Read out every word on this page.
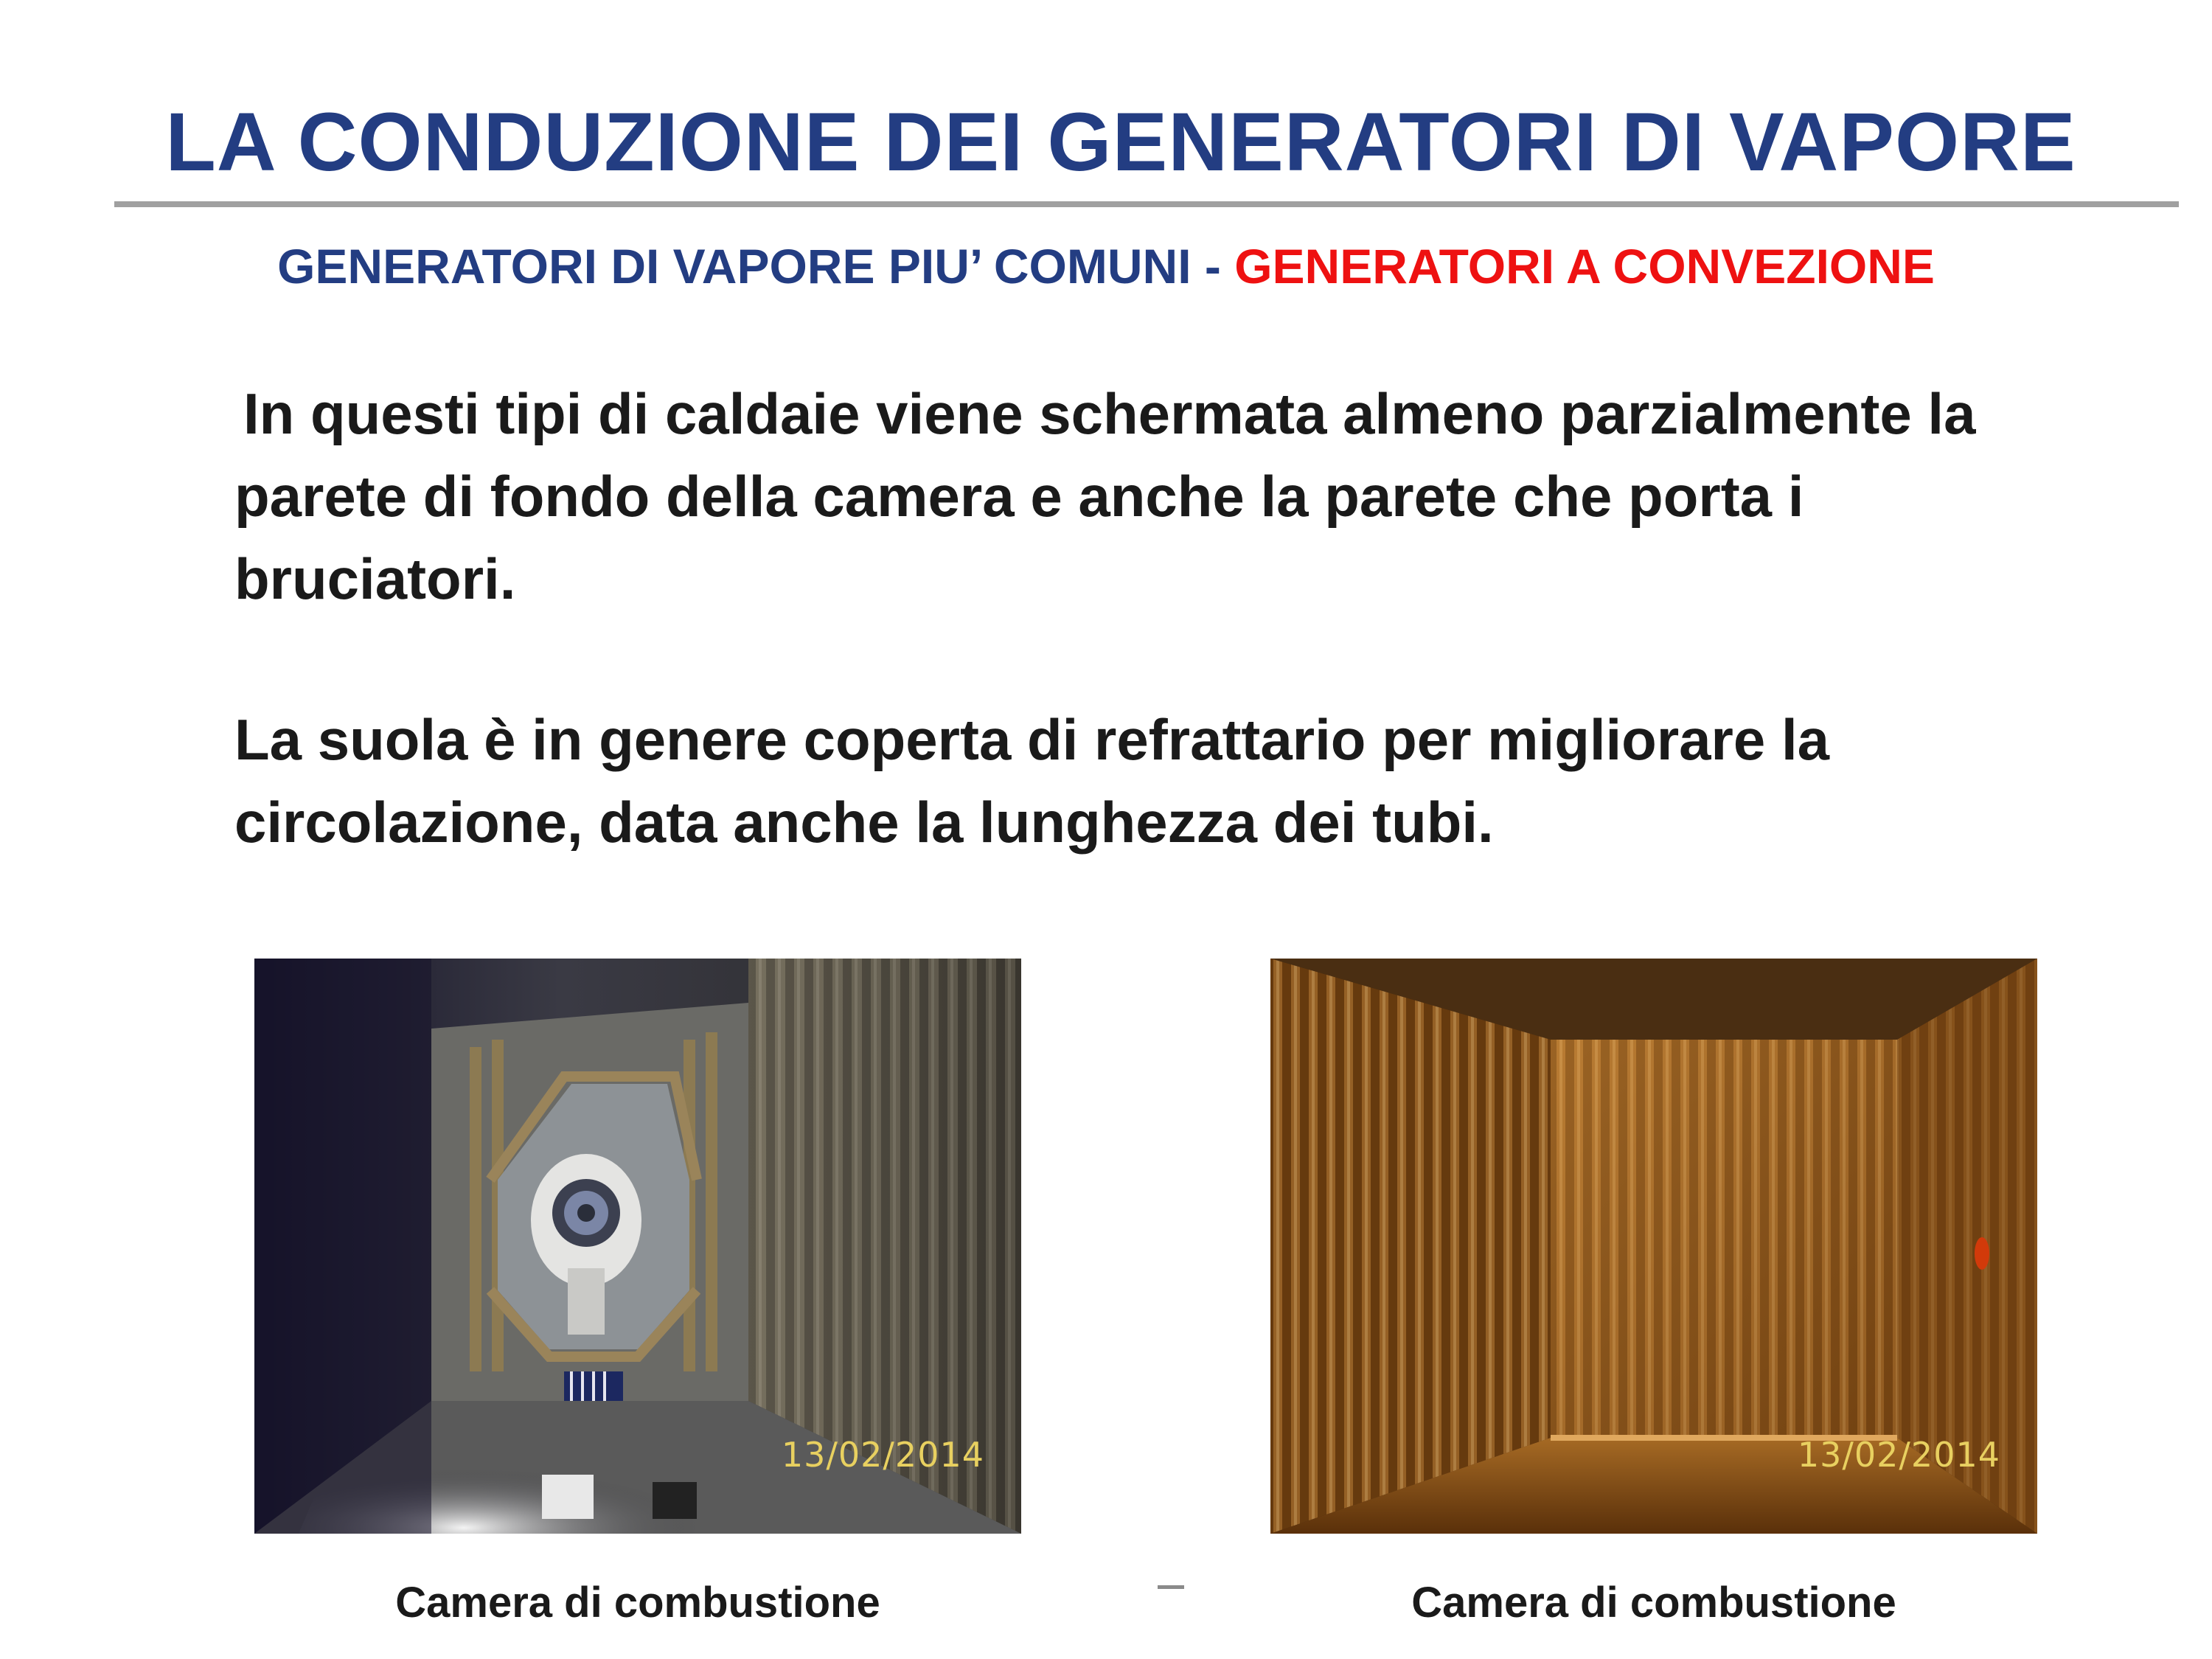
LA CONDUZIONE DEI GENERATORI DI VAPORE
GENERATORI DI VAPORE PIU’ COMUNI - GENERATORI A CONVEZIONE
In questi tipi di caldaie viene schermata almeno parzialmente la parete di fondo della camera e anche la parete che porta i bruciatori.
La suola è in genere coperta di refrattario per migliorare la circolazione, data anche la lunghezza dei tubi.
13/02/2014	13/02/2014
Camera di combustione	Camera di combustione
